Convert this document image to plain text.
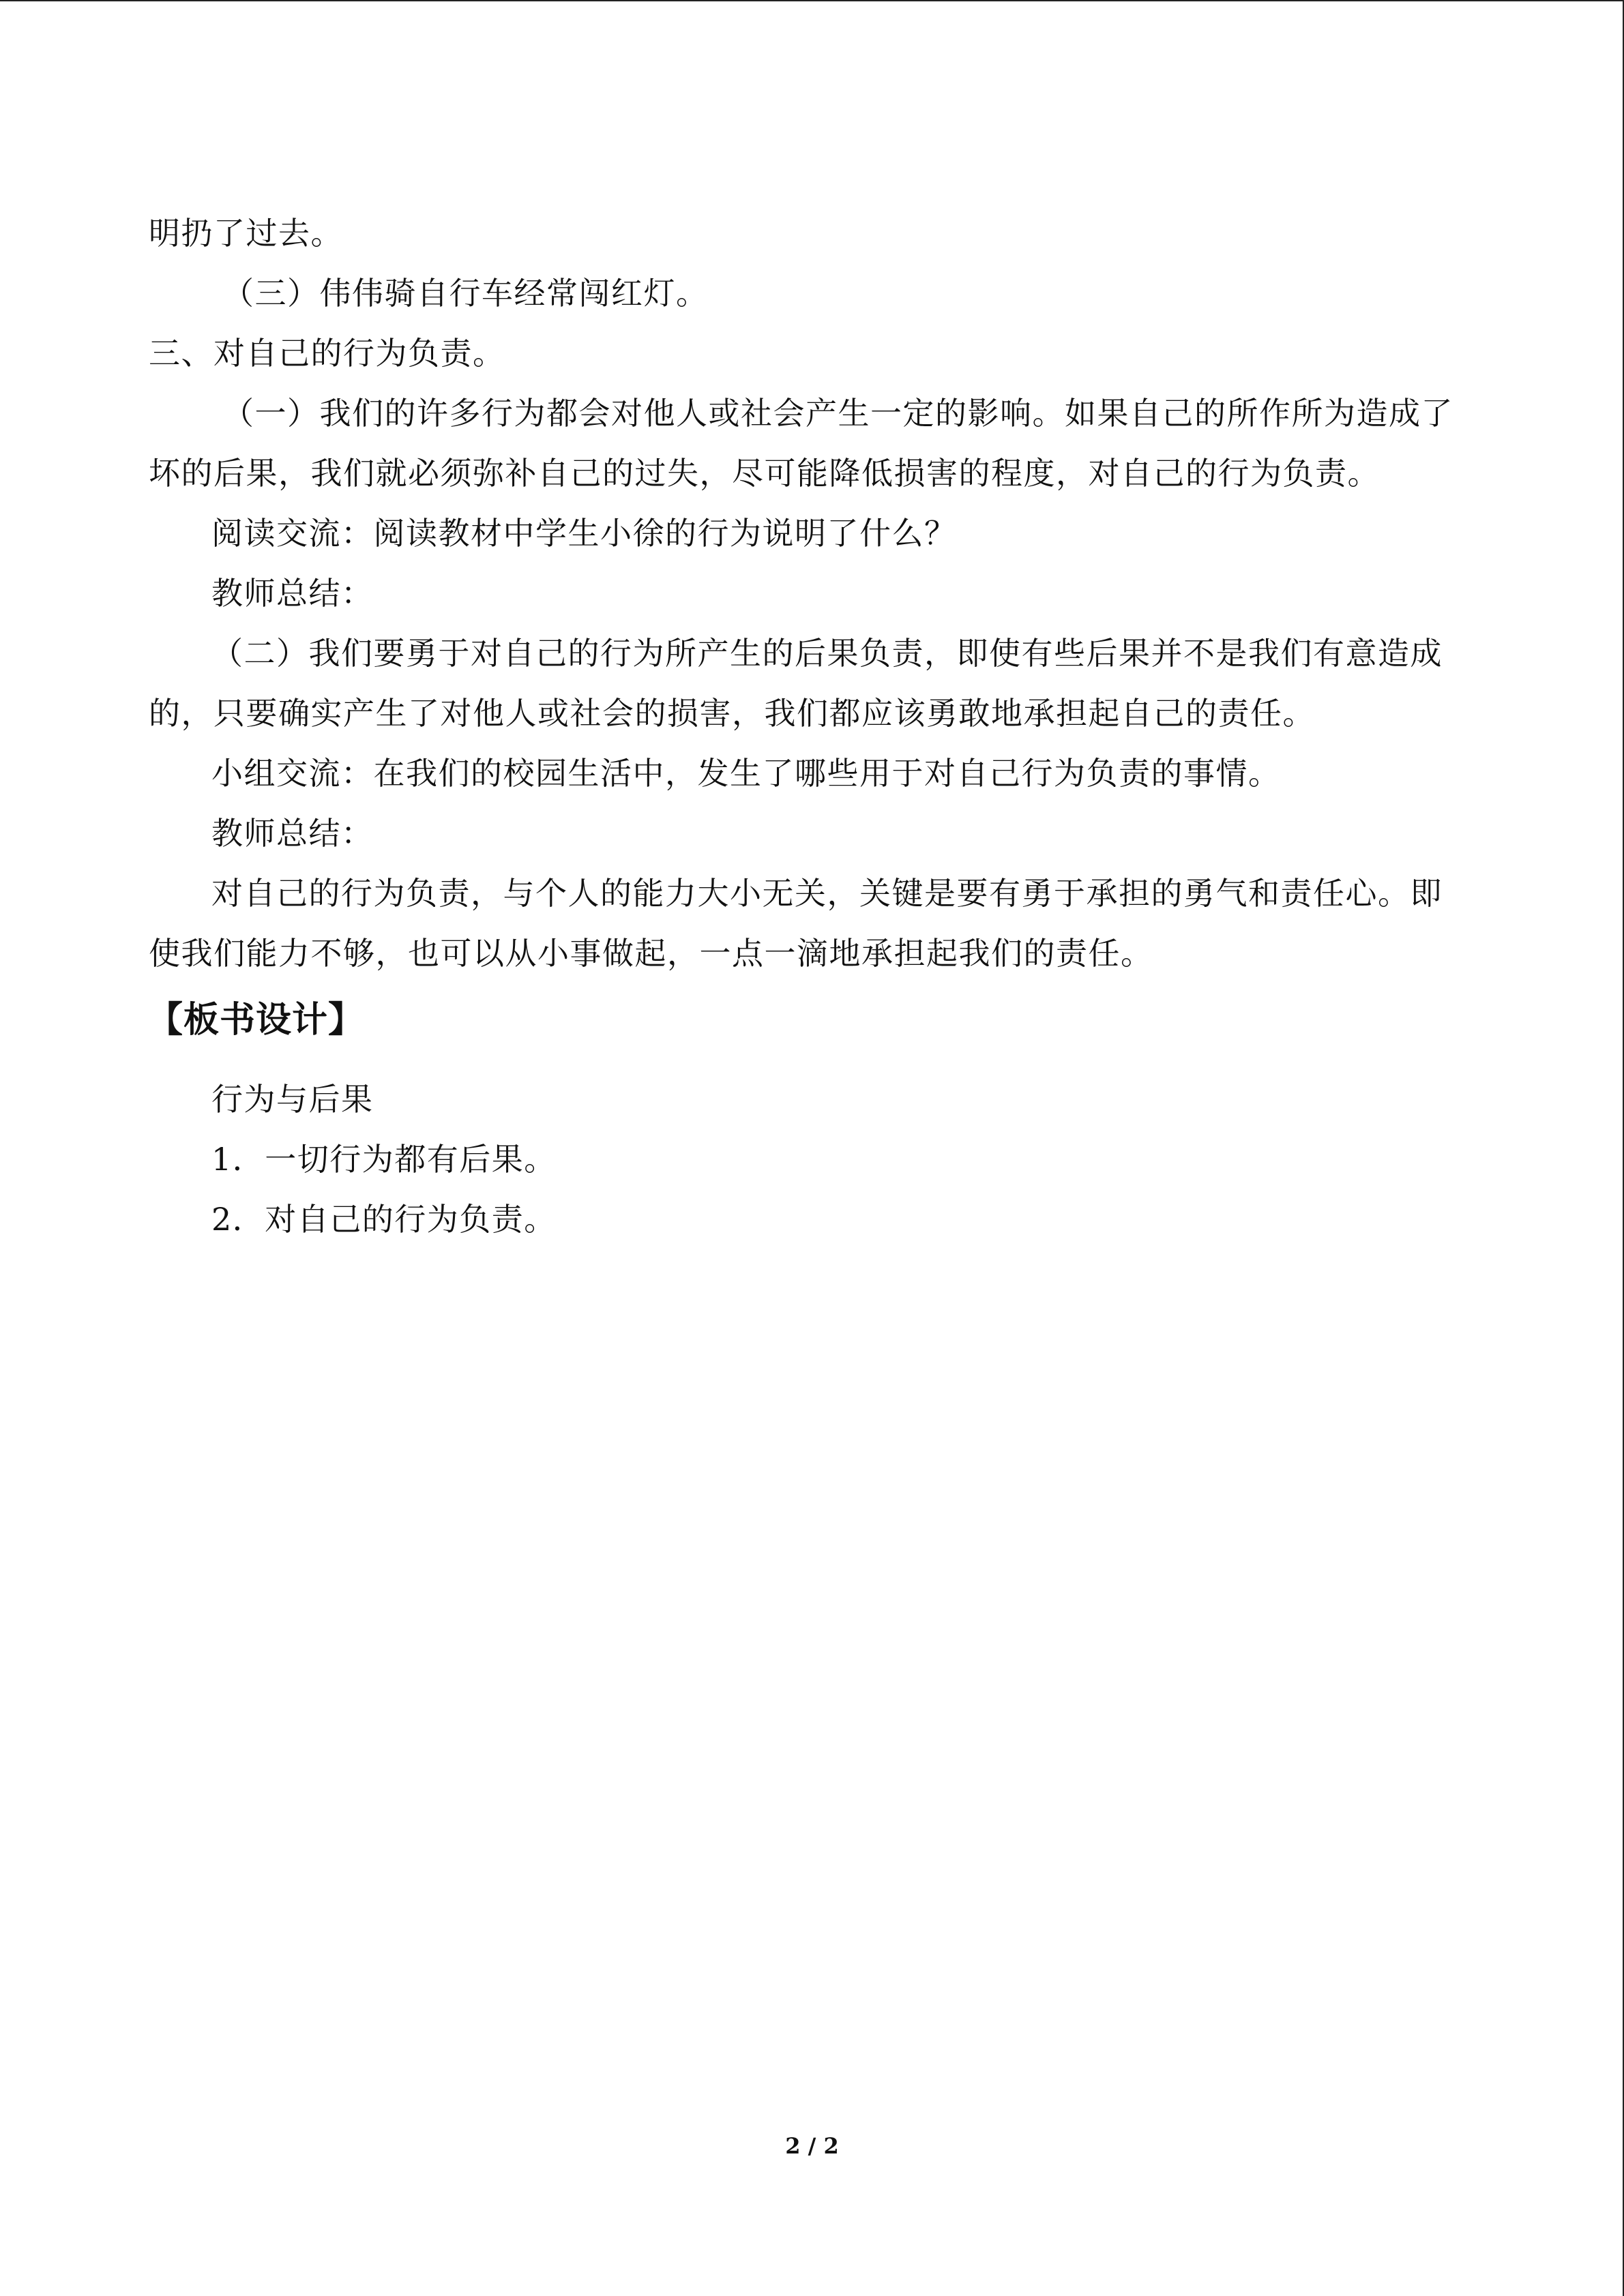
明扔了过去。
（三）伟伟骑自行车经常闯红灯。
三、对自己的行为负责。
（一）我们的许多行为都会对他人或社会产生一定的影响。如果自己的所作所为造成了
坏的后果，我们就必须弥补自己的过失，尽可能降低损害的程度，对自己的行为负责。
阅读交流：阅读教材中学生小徐的行为说明了什么？
教师总结：
（二）我们要勇于对自己的行为所产生的后果负责，即使有些后果并不是我们有意造成
的，只要确实产生了对他人或社会的损害，我们都应该勇敢地承担起自己的责任。
小组交流：在我们的校园生活中，发生了哪些用于对自己行为负责的事情。
教师总结：
对自己的行为负责，与个人的能力大小无关，关键是要有勇于承担的勇气和责任心。即
使我们能力不够，也可以从小事做起，一点一滴地承担起我们的责任。
【板书设计】
行为与后果
1．一切行为都有后果。
2．对自己的行为负责。
2 / 2
